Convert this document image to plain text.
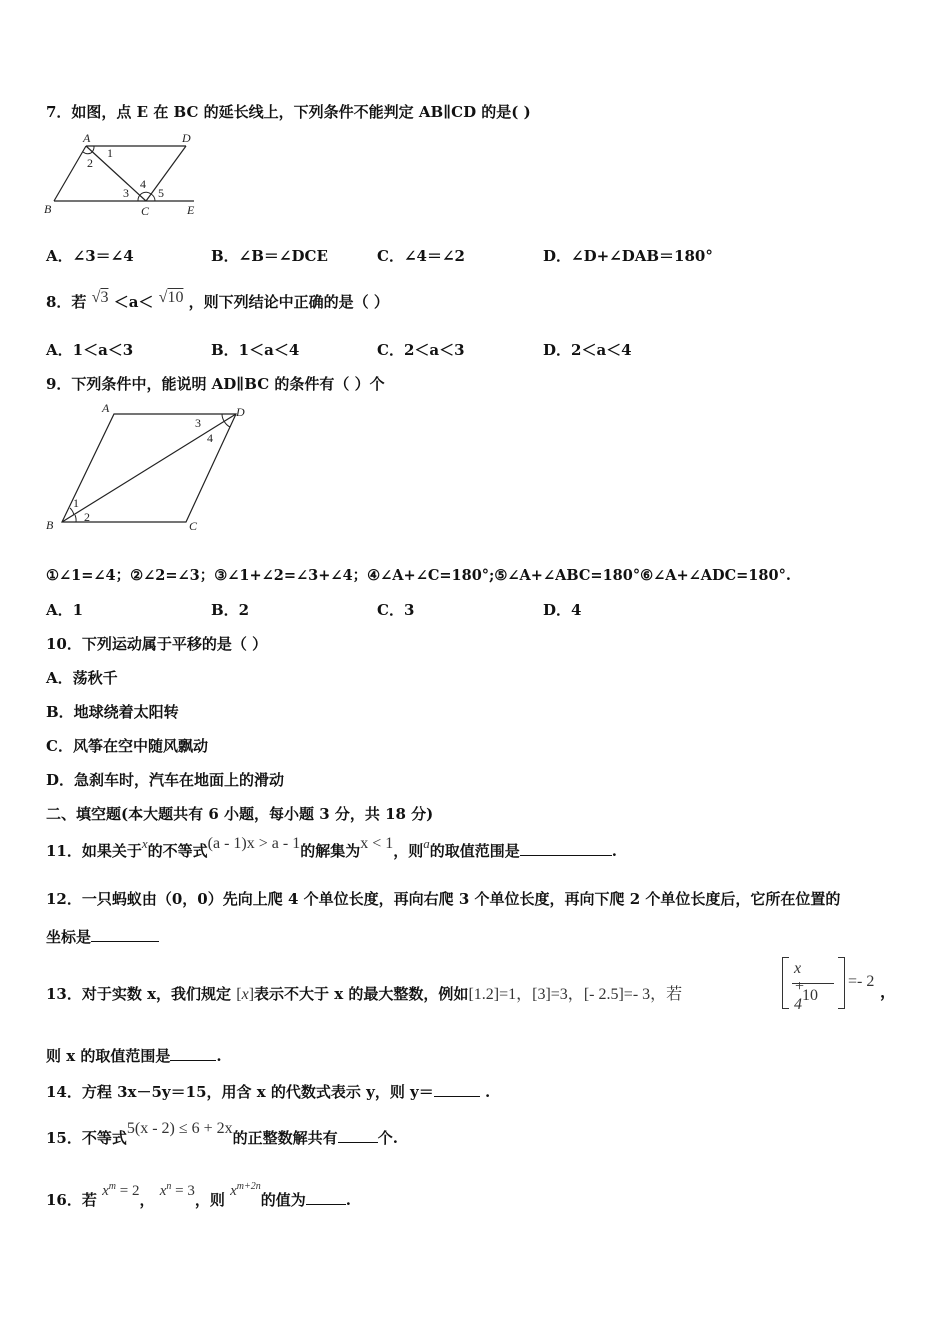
7．如图，点 E 在 BC 的延长线上，下列条件不能判定 AB∥CD 的是( )
A	D
B	C	E
1
2
3
4
5
A．∠3＝∠4	B．∠B＝∠DCE	C．∠4＝∠2	D．∠D+∠DAB＝180°
8．若 √3 ＜a＜ √10 ，则下列结论中正确的是（ ）
A．1＜a＜3	B．1＜a＜4	C．2＜a＜3	D．2＜a＜4
9．下列条件中，能说明 AD∥BC 的条件有（ ）个
A	D
B	C
1
2
3
4
①∠1=∠4；②∠2=∠3；③∠1+∠2=∠3+∠4；④∠A+∠C=180°;⑤∠A+∠ABC=180°⑥∠A+∠ADC=180°.
A．1	B．2	C．3	D．4
10．下列运动属于平移的是（ ）
A．荡秋千
B．地球绕着太阳转
C．风筝在空中随风飘动
D．急刹车时，汽车在地面上的滑动
二、填空题(本大题共有 6 小题，每小题 3 分，共 18 分)
11．如果关于x的不等式(a - 1)x > a - 1的解集为x < 1，则a的取值范围是	.
12．一只蚂蚁由（0，0）先向上爬 4 个单位长度，再向右爬 3 个单位长度，再向下爬 2 个单位长度后，它所在位置的
坐标是
13．对于实数 x，我们规定 [x]表示不大于 x 的最大整数，例如[1.2]=1，[3]=3，[- 2.5]=- 3，若
x + 4
10
=- 2
，
则 x 的取值范围是	.
14．方程 3x－5y＝15，用含 x 的代数式表示 y，则 y＝	.
15．不等式5(x - 2) ≤ 6 + 2x的正整数解共有	个.
16．若 $x^m = 2$， $x^n = 3$，则 $x^{m+2n}$的值为	.
